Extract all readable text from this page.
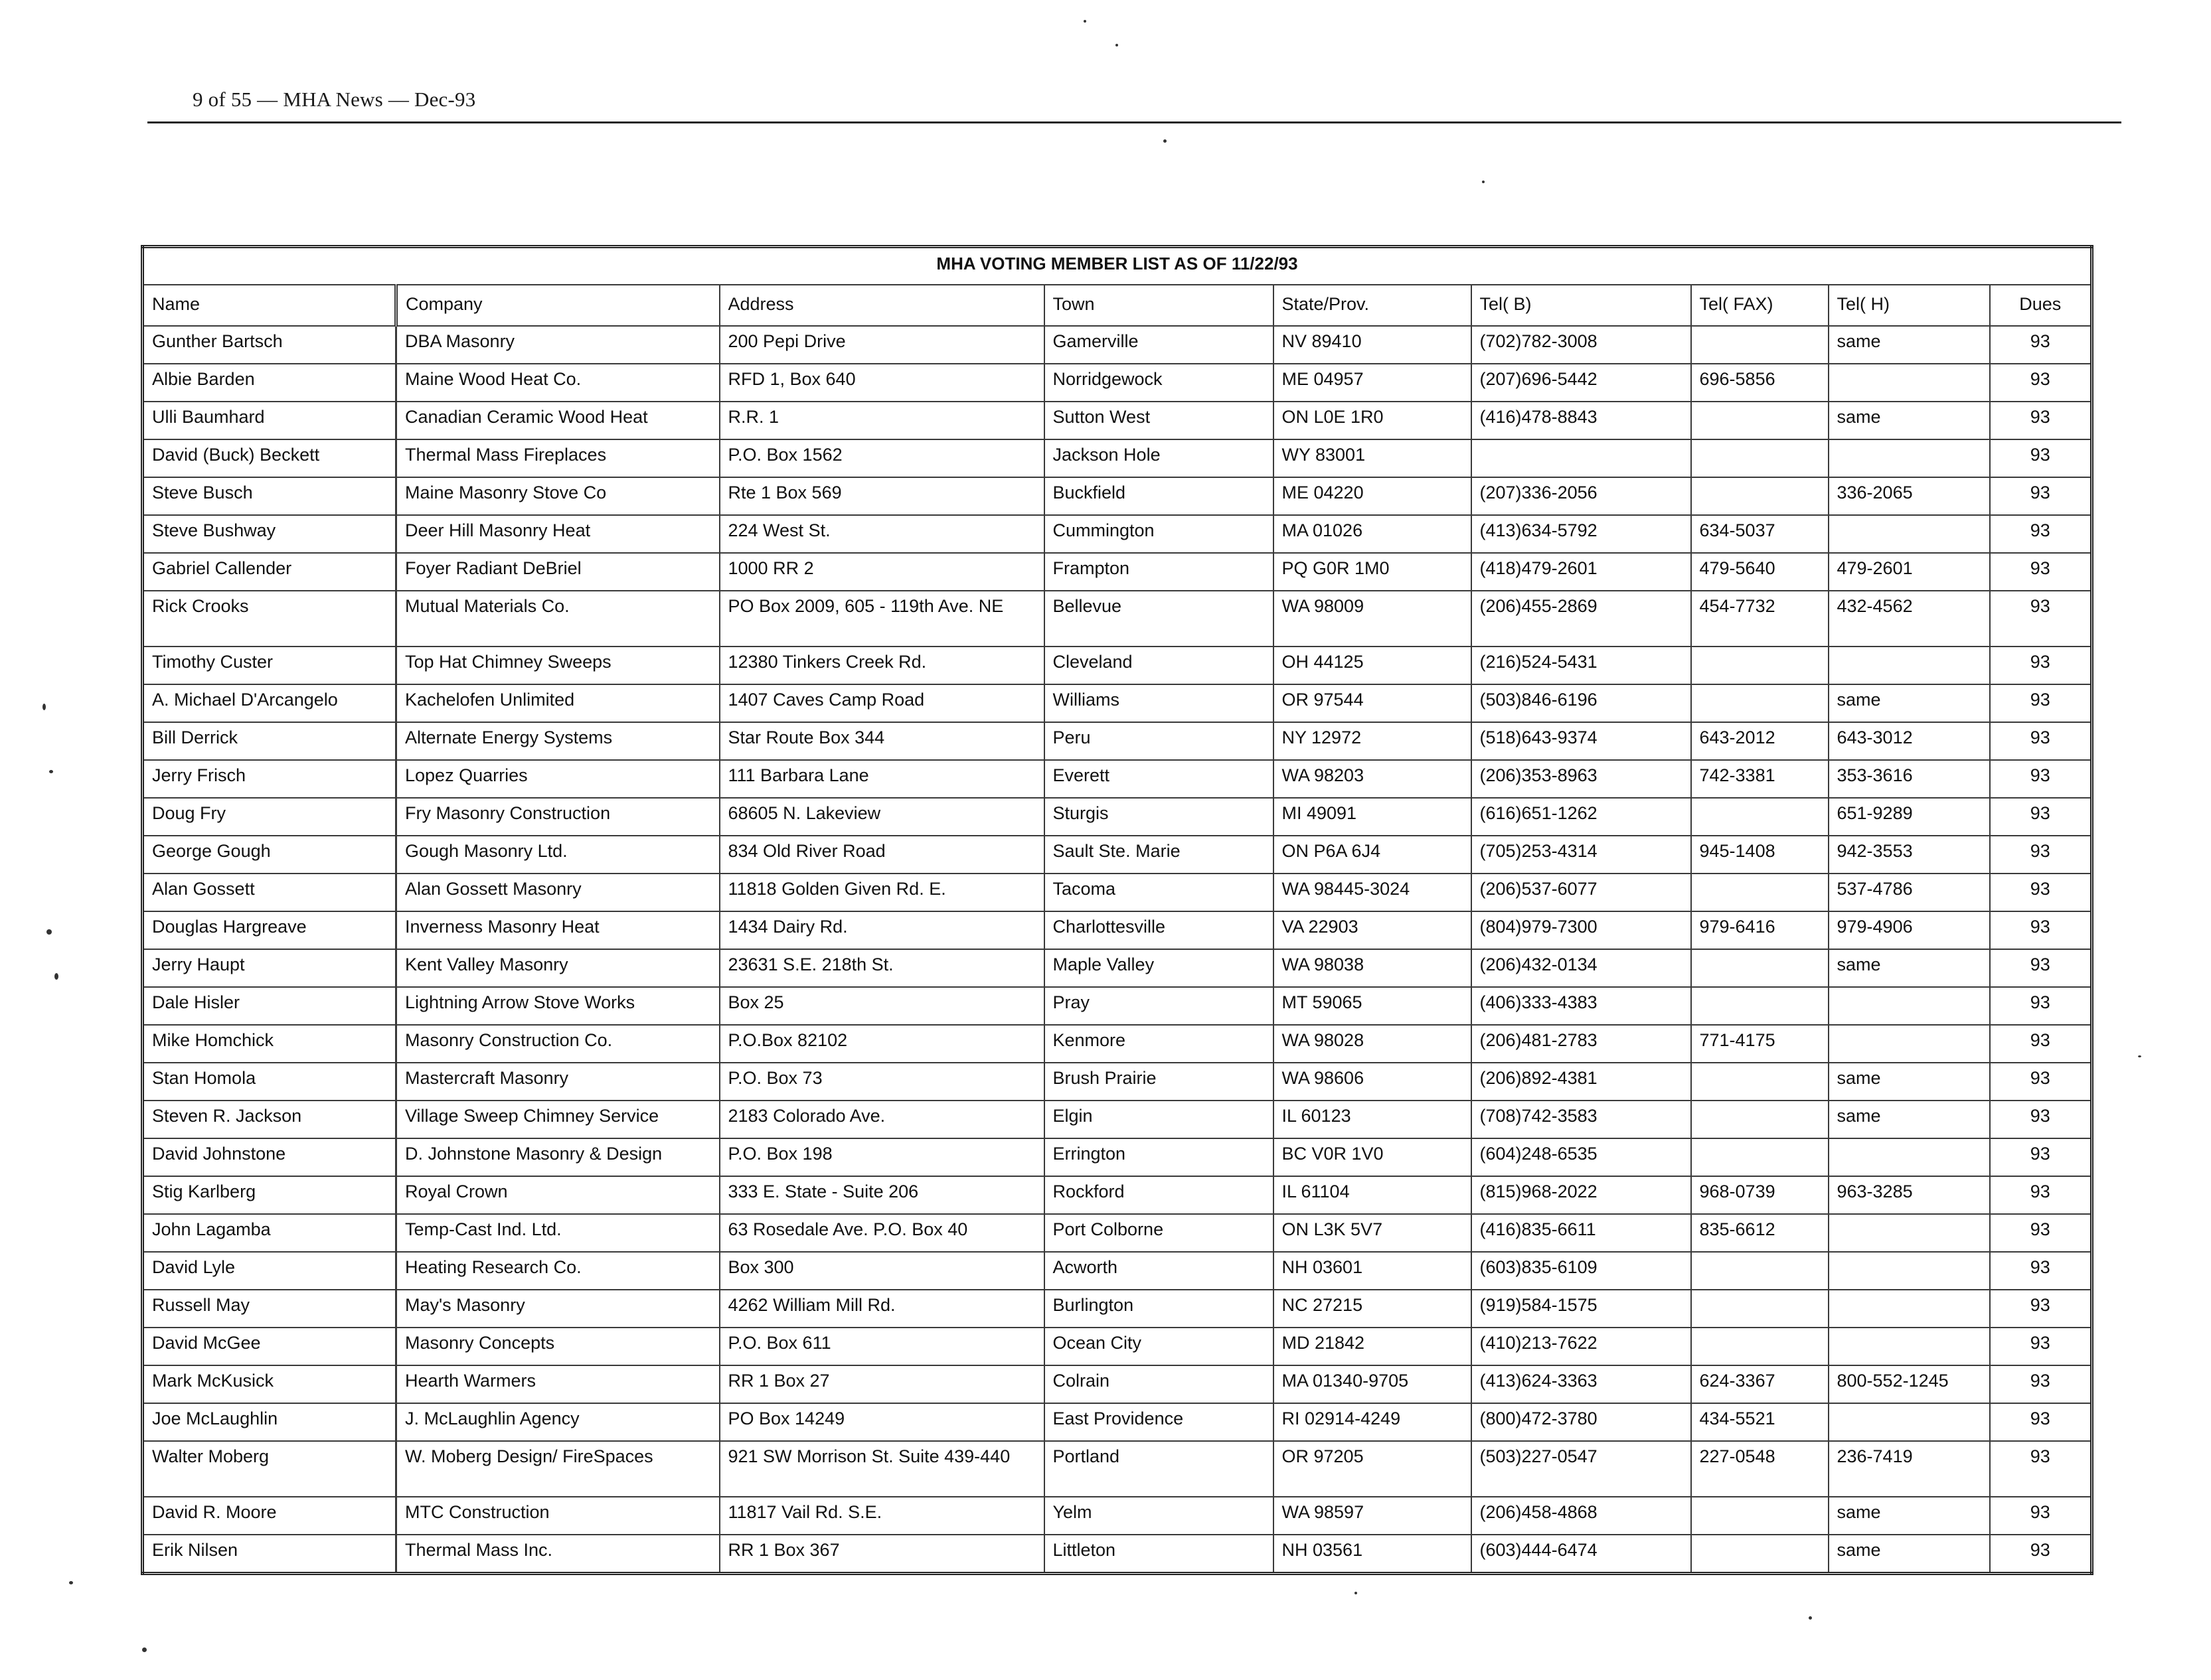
9 of 55 — MHA News — Dec-93
MHA VOTING MEMBER LIST AS OF 11/22/93								
Name	Company	Address	Town	State/Prov.	Tel( B)	Tel( FAX)	Tel( H)	Dues
Gunther Bartsch	DBA Masonry	200 Pepi Drive	Gamerville	NV 89410	(702)782-3008		same	93
Albie Barden	Maine Wood Heat Co.	RFD 1, Box 640	Norridgewock	ME 04957	(207)696-5442	696-5856		93
Ulli Baumhard	Canadian Ceramic Wood Heat	R.R. 1	Sutton West	ON L0E 1R0	(416)478-8843		same	93
David (Buck) Beckett	Thermal Mass Fireplaces	P.O. Box 1562	Jackson Hole	WY 83001				93
Steve Busch	Maine Masonry Stove Co	Rte 1 Box 569	Buckfield	ME 04220	(207)336-2056		336-2065	93
Steve Bushway	Deer Hill Masonry Heat	224 West St.	Cummington	MA 01026	(413)634-5792	634-5037		93
Gabriel Callender	Foyer Radiant DeBriel	1000 RR 2	Frampton	PQ G0R 1M0	(418)479-2601	479-5640	479-2601	93
Rick Crooks	Mutual Materials Co.	PO Box 2009, 605 - 119th Ave. NE	Bellevue	WA 98009	(206)455-2869	454-7732	432-4562	93
Timothy Custer	Top Hat Chimney Sweeps	12380 Tinkers Creek Rd.	Cleveland	OH 44125	(216)524-5431			93
A. Michael D'Arcangelo	Kachelofen Unlimited	1407 Caves Camp Road	Williams	OR 97544	(503)846-6196		same	93
Bill Derrick	Alternate Energy Systems	Star Route Box 344	Peru	NY 12972	(518)643-9374	643-2012	643-3012	93
Jerry Frisch	Lopez Quarries	111 Barbara Lane	Everett	WA 98203	(206)353-8963	742-3381	353-3616	93
Doug Fry	Fry Masonry Construction	68605 N. Lakeview	Sturgis	MI 49091	(616)651-1262		651-9289	93
George Gough	Gough Masonry Ltd.	834 Old River Road	Sault Ste. Marie	ON P6A 6J4	(705)253-4314	945-1408	942-3553	93
Alan Gossett	Alan Gossett Masonry	11818 Golden Given Rd. E.	Tacoma	WA 98445-3024	(206)537-6077		537-4786	93
Douglas Hargreave	Inverness Masonry Heat	1434 Dairy Rd.	Charlottesville	VA 22903	(804)979-7300	979-6416	979-4906	93
Jerry Haupt	Kent Valley Masonry	23631 S.E. 218th St.	Maple Valley	WA 98038	(206)432-0134		same	93
Dale Hisler	Lightning Arrow Stove Works	Box 25	Pray	MT 59065	(406)333-4383			93
Mike Homchick	Masonry Construction Co.	P.O.Box 82102	Kenmore	WA 98028	(206)481-2783	771-4175		93
Stan Homola	Mastercraft Masonry	P.O. Box 73	Brush Prairie	WA 98606	(206)892-4381		same	93
Steven R. Jackson	Village Sweep Chimney Service	2183 Colorado Ave.	Elgin	IL 60123	(708)742-3583		same	93
David Johnstone	D. Johnstone Masonry & Design	P.O. Box 198	Errington	BC V0R 1V0	(604)248-6535			93
Stig Karlberg	Royal Crown	333 E. State - Suite 206	Rockford	IL 61104	(815)968-2022	968-0739	963-3285	93
John Lagamba	Temp-Cast Ind. Ltd.	63 Rosedale Ave. P.O. Box 40	Port Colborne	ON L3K 5V7	(416)835-6611	835-6612		93
David Lyle	Heating Research Co.	Box 300	Acworth	NH 03601	(603)835-6109			93
Russell May	May's Masonry	4262 William Mill Rd.	Burlington	NC 27215	(919)584-1575			93
David McGee	Masonry Concepts	P.O. Box 611	Ocean City	MD 21842	(410)213-7622			93
Mark McKusick	Hearth Warmers	RR 1 Box 27	Colrain	MA 01340-9705	(413)624-3363	624-3367	800-552-1245	93
Joe McLaughlin	J. McLaughlin Agency	PO Box 14249	East Providence	RI 02914-4249	(800)472-3780	434-5521		93
Walter Moberg	W. Moberg Design/ FireSpaces	921 SW Morrison St. Suite 439-440	Portland	OR 97205	(503)227-0547	227-0548	236-7419	93
David R. Moore	MTC Construction	11817 Vail Rd. S.E.	Yelm	WA 98597	(206)458-4868		same	93
Erik Nilsen	Thermal Mass Inc.	RR 1 Box 367	Littleton	NH 03561	(603)444-6474		same	93
